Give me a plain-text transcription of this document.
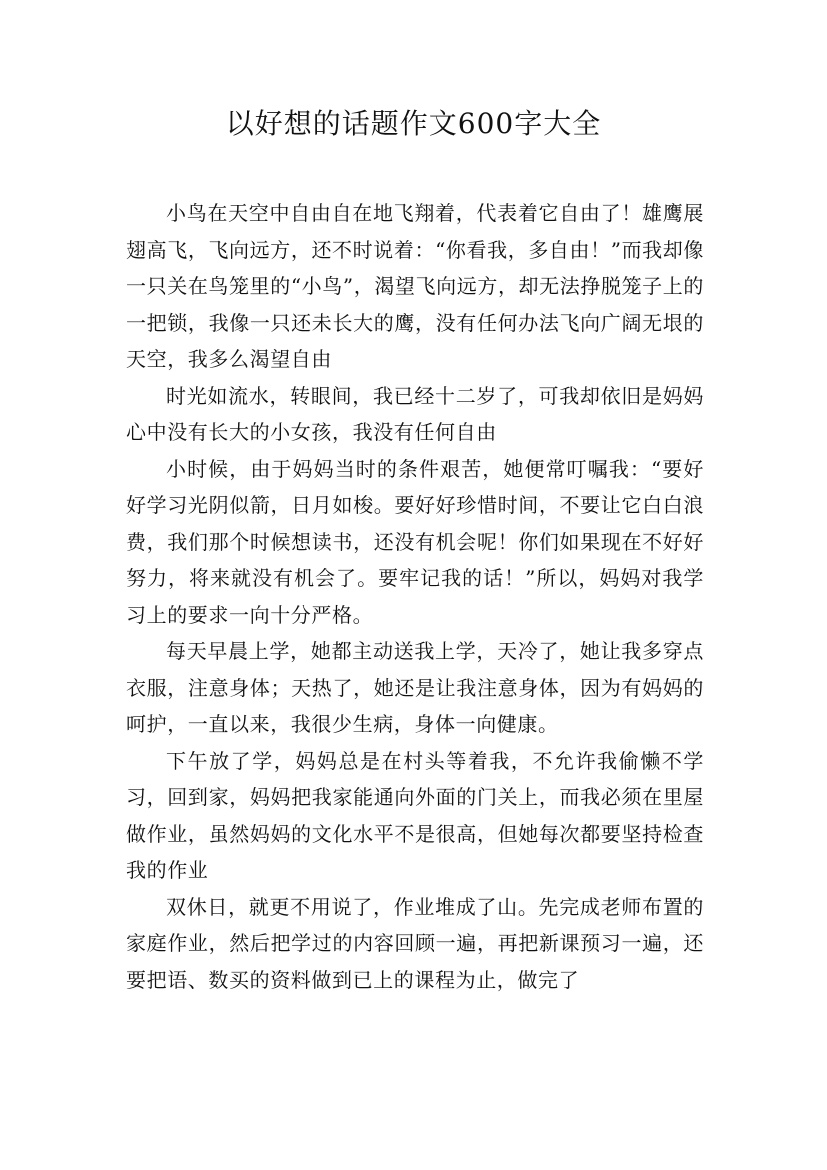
以好想的话题作文600字大全

小鸟在天空中自由自在地飞翔着，代表着它自由了！雄鹰展翅高飞，飞向远方，还不时说着：“你看我，多自由！”而我却像一只关在鸟笼里的“小鸟”，渴望飞向远方，却无法挣脱笼子上的一把锁，我像一只还未长大的鹰，没有任何办法飞向广阔无垠的天空，我多么渴望自由

时光如流水，转眼间，我已经十二岁了，可我却依旧是妈妈心中没有长大的小女孩，我没有任何自由

小时候，由于妈妈当时的条件艰苦，她便常叮嘱我：“要好好学习光阴似箭，日月如梭。要好好珍惜时间，不要让它白白浪费，我们那个时候想读书，还没有机会呢！你们如果现在不好好努力，将来就没有机会了。要牢记我的话！”所以，妈妈对我学习上的要求一向十分严格。

每天早晨上学，她都主动送我上学，天冷了，她让我多穿点衣服，注意身体；天热了，她还是让我注意身体，因为有妈妈的呵护，一直以来，我很少生病，身体一向健康。

下午放了学，妈妈总是在村头等着我，不允许我偷懒不学习，回到家，妈妈把我家能通向外面的门关上，而我必须在里屋做作业，虽然妈妈的文化水平不是很高，但她每次都要坚持检查我的作业

双休日，就更不用说了，作业堆成了山。先完成老师布置的家庭作业，然后把学过的内容回顾一遍，再把新课预习一遍，还要把语、数买的资料做到已上的课程为止，做完了
